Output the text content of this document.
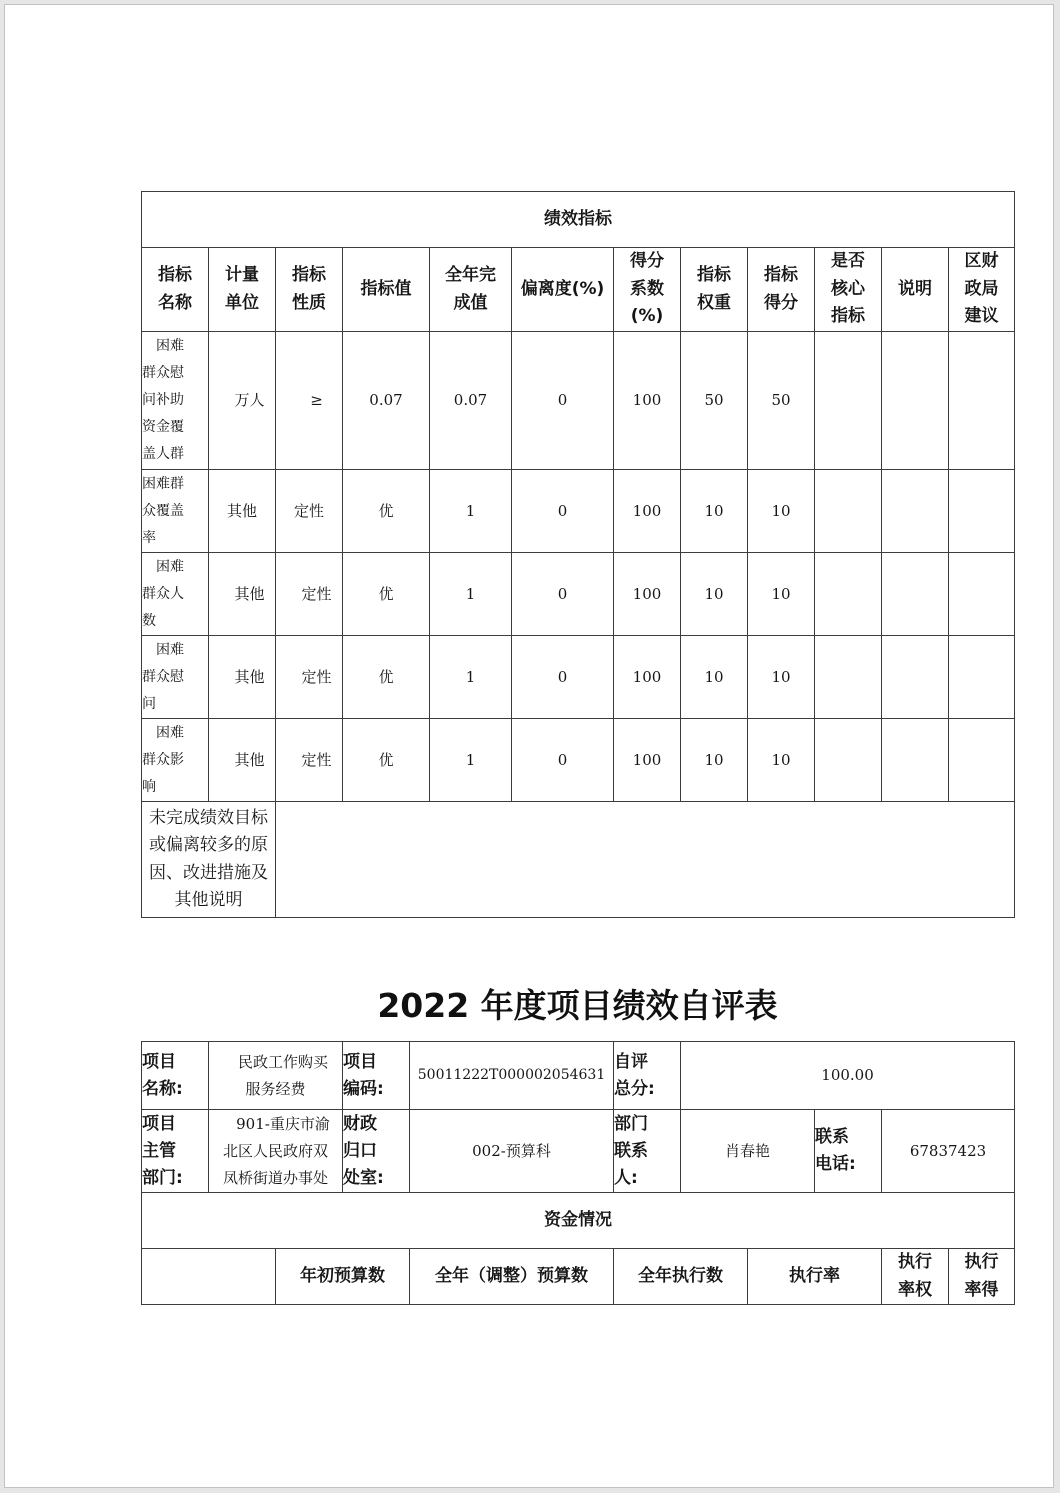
绩效指标											
指标名称	计量单位	指标性质	指标值	全年完成值	偏离度(%)	得分系数(%)	指标权重	指标得分	是否核心指标	说明	区财政局建议

困难群众慰问补助资金覆盖人群	万人	≥	0.07	0.07	0	100	50	50			

困难群众覆盖率	其他	定性	优	1	0	100	10	10			

困难群众人数	其他	定性	优	1	0	100	10	10			

困难群众慰问	其他	定性	优	1	0	100	10	10			

困难群众影响	其他	定性	优	1	0	100	10	10			

未完成绩效目标或偏离较多的原因、改进措施及其他说明											

2022 年度项目绩效自评表
项目名称:	民政工作购买服务经费		项目编码:	50011222T000002054631	自评总分:	100.00				

项目主管部门:	901-重庆市渝北区人民政府双凤桥街道办事处		财政归口处室:	002-预算科	部门联系人:	肖春艳		联系电话:	67837423	
资金情况										
		年初预算数		全年（调整）预算数	全年执行数		执行率		执行率权	执行率得
